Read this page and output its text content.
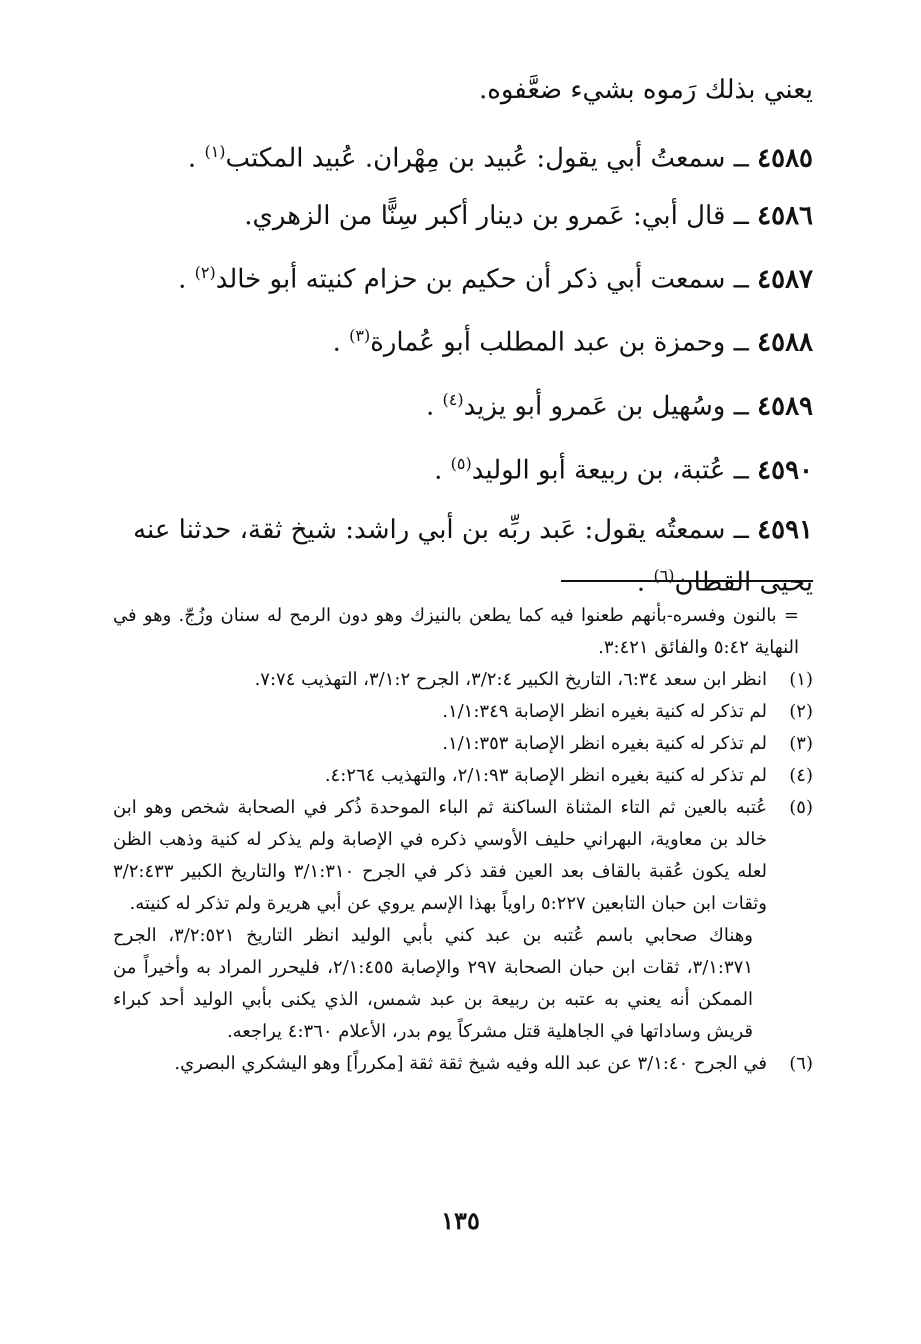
يعني بذلك رَموه بشيء ضعَّفوه.
٤٥٨٥ ــ سمعتُ أبي يقول: عُبيد بن مِهْران. عُبيد المكتب$^{(١)}$ .
٤٥٨٦ ــ قال أبي: عَمرو بن دينار أكبر سِنًّا من الزهري.
٤٥٨٧ ــ سمعت أبي ذكر أن حكيم بن حزام كنيته أبو خالد$^{(٢)}$ .
٤٥٨٨ ــ وحمزة بن عبد المطلب أبو عُمارة$^{(٣)}$ .
٤٥٨٩ ــ وسُهيل بن عَمرو أبو يزيد$^{(٤)}$ .
٤٥٩٠ ــ عُتبة، بن ربيعة أبو الوليد$^{(٥)}$ .
٤٥٩١ ــ سمعتُه يقول: عَبد ربِّه بن أبي راشد: شيخ ثقة، حدثنا عنه يحيى القطان$^{(٦)}$ .

= بالنون وفسره-بأنهم طعنوا فيه كما يطعن بالنيزك وهو دون الرمح له سنان وزُجّ. وهو في النهاية ٥:٤٢ والفائق ٣:٤٢١.

(١)
انظر ابن سعد ٦:٣٤، التاريخ الكبير ٣/٢:٤، الجرح ٣/١:٢، التهذيب ٧:٧٤.

(٢)
لم تذكر له كنية بغيره انظر الإصابة ١/١:٣٤٩.

(٣)
لم تذكر له كنية بغيره انظر الإصابة ١/١:٣٥٣.

(٤)
لم تذكر له كنية بغيره انظر الإصابة ٢/١:٩٣، والتهذيب ٤:٢٦٤.

(٥)
عُتبه بالعين ثم التاء المثناة الساكنة ثم الباء الموحدة ذُكر في الصحابة شخص وهو ابن خالد بن معاوية، البهراني حليف الأوسي ذكره في الإصابة ولم يذكر له كنية وذهب الظن لعله يكون عُقبة بالقاف بعد العين فقد ذكر في الجرح ٣/١:٣١٠ والتاريخ الكبير ٣/٢:٤٣٣ وثقات ابن حبان التابعين ٥:٢٢٧ راوياً بهذا الإسم يروي عن أبي هريرة ولم تذكر له كنيته.
وهناك صحابي باسم عُتبه بن عبد كني بأبي الوليد انظر التاريخ ٣/٢:٥٢١، الجرح ٣/١:٣٧١، ثقات ابن حبان الصحابة ٢٩٧ والإصابة ٢/١:٤٥٥، فليحرر المراد به وأخيراً من الممكن أنه يعني به عتبه بن ربيعة بن عبد شمس، الذي يكنى بأبي الوليد أحد كبراء قريش وساداتها في الجاهلية قتل مشركاً يوم بدر، الأعلام ٤:٣٦٠ يراجعه.

(٦)
في الجرح ٣/١:٤٠ عن عبد الله وفيه شيخ ثقة ثقة [مكرراً] وهو اليشكري البصري.

١٣٥
